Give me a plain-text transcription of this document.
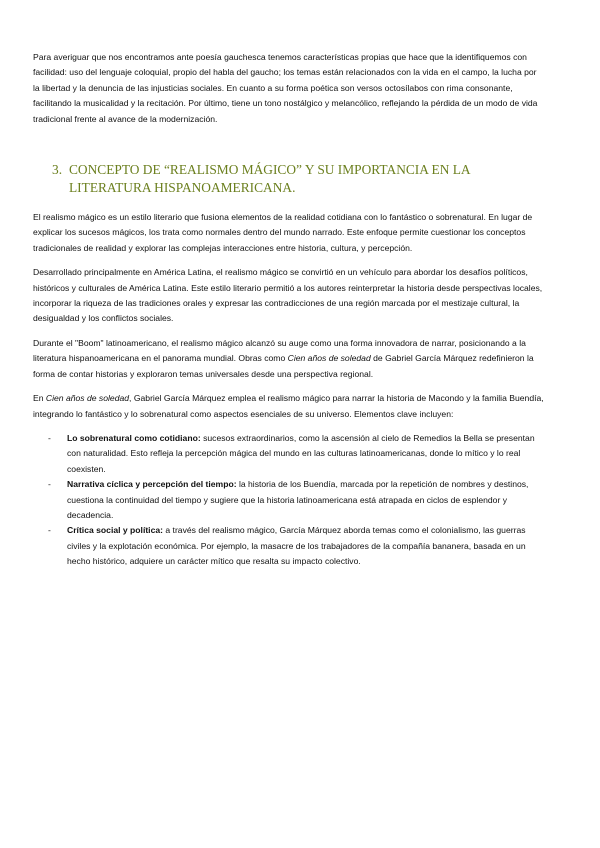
Para averiguar que nos encontramos ante poesía gauchesca tenemos características propias que hace que la identifiquemos con facilidad: uso del lenguaje coloquial, propio del habla del gaucho; los temas están relacionados con la vida en el campo, la lucha por la libertad y la denuncia de las injusticias sociales. En cuanto a su forma poética son versos octosílabos con rima consonante, facilitando la musicalidad y la recitación. Por último, tiene un tono nostálgico y melancólico, reflejando la pérdida de un modo de vida tradicional frente al avance de la modernización.

3. CONCEPTO DE “REALISMO MÁGICO” Y SU IMPORTANCIA EN LA LITERATURA HISPANOAMERICANA.

El realismo mágico es un estilo literario que fusiona elementos de la realidad cotidiana con lo fantástico o sobrenatural. En lugar de explicar los sucesos mágicos, los trata como normales dentro del mundo narrado. Este enfoque permite cuestionar los conceptos tradicionales de realidad y explorar las complejas interacciones entre historia, cultura, y percepción.

Desarrollado principalmente en América Latina, el realismo mágico se convirtió en un vehículo para abordar los desafíos políticos, históricos y culturales de América Latina. Este estilo literario permitió a los autores reinterpretar la historia desde perspectivas locales, incorporar la riqueza de las tradiciones orales y expresar las contradicciones de una región marcada por el mestizaje cultural, la desigualdad y los conflictos sociales.

Durante el "Boom" latinoamericano, el realismo mágico alcanzó su auge como una forma innovadora de narrar, posicionando a la literatura hispanoamericana en el panorama mundial. Obras como Cien años de soledad de Gabriel García Márquez redefinieron la forma de contar historias y exploraron temas universales desde una perspectiva regional.

En Cien años de soledad, Gabriel García Márquez emplea el realismo mágico para narrar la historia de Macondo y la familia Buendía, integrando lo fantástico y lo sobrenatural como aspectos esenciales de su universo. Elementos clave incluyen:

- Lo sobrenatural como cotidiano: sucesos extraordinarios, como la ascensión al cielo de Remedios la Bella se presentan con naturalidad. Esto refleja la percepción mágica del mundo en las culturas latinoamericanas, donde lo mítico y lo real coexisten.
- Narrativa cíclica y percepción del tiempo: la historia de los Buendía, marcada por la repetición de nombres y destinos, cuestiona la continuidad del tiempo y sugiere que la historia latinoamericana está atrapada en ciclos de esplendor y decadencia.
- Crítica social y política: a través del realismo mágico, García Márquez aborda temas como el colonialismo, las guerras civiles y la explotación económica. Por ejemplo, la masacre de los trabajadores de la compañía bananera, basada en un hecho histórico, adquiere un carácter mítico que resalta su impacto colectivo.
